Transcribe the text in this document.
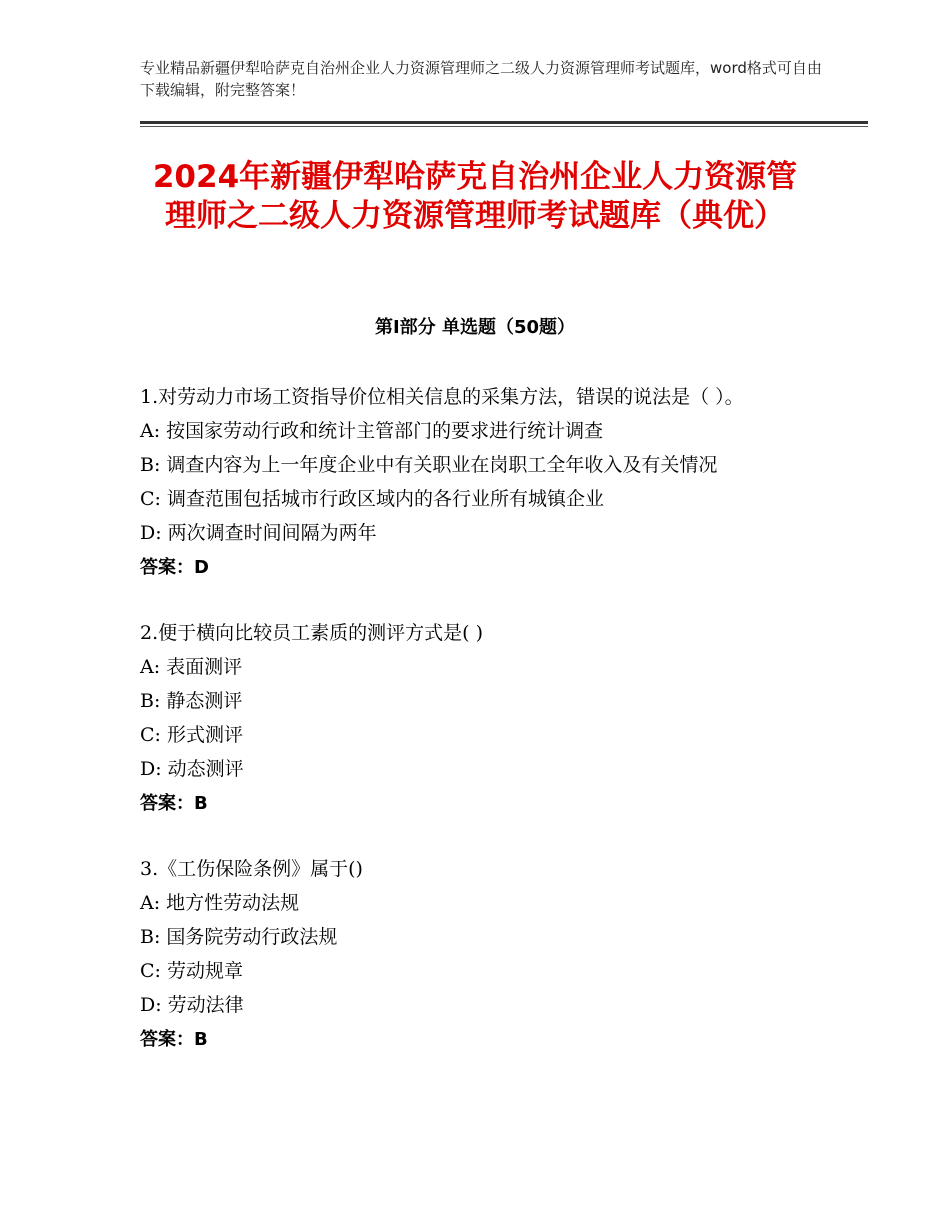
专业精品新疆伊犁哈萨克自治州企业人力资源管理师之二级人力资源管理师考试题库，word格式可自由下载编辑，附完整答案！
2024年新疆伊犁哈萨克自治州企业人力资源管理师之二级人力资源管理师考试题库（典优）
第Ⅰ部分 单选题（50题）
1.对劳动力市场工资指导价位相关信息的采集方法，错误的说法是（ ）。
A: 按国家劳动行政和统计主管部门的要求进行统计调查
B: 调查内容为上一年度企业中有关职业在岗职工全年收入及有关情况
C: 调查范围包括城市行政区域内的各行业所有城镇企业
D: 两次调查时间间隔为两年
答案：D
2.便于横向比较员工素质的测评方式是( )
A: 表面测评
B: 静态测评
C: 形式测评
D: 动态测评
答案：B
3.《工伤保险条例》属于()
A: 地方性劳动法规
B: 国务院劳动行政法规
C: 劳动规章
D: 劳动法律
答案：B
